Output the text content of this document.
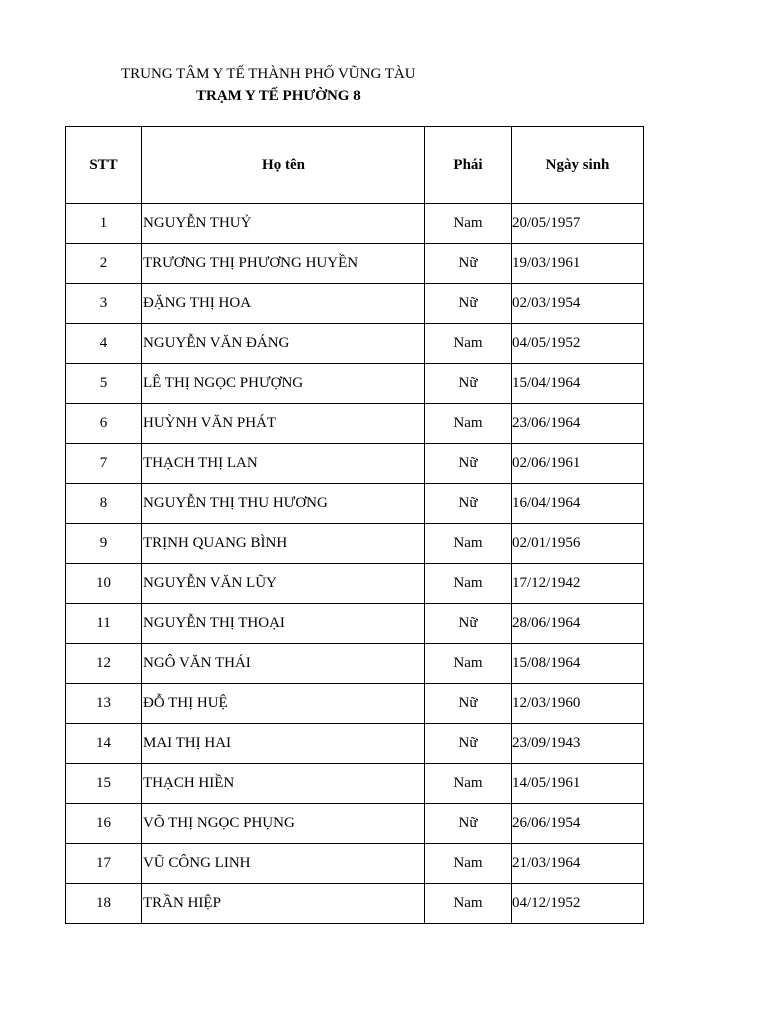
TRUNG TÂM Y TẾ THÀNH PHỐ VŨNG TÀU
TRẠM Y TẾ PHƯỜNG 8
STT	Họ tên	Phái	Ngày sinh
1	NGUYỄN THUỶ	Nam	20/05/1957
2	TRƯƠNG THỊ PHƯƠNG HUYỀN	Nữ	19/03/1961
3	ĐẶNG THỊ HOA	Nữ	02/03/1954
4	NGUYỄN VĂN ĐÁNG	Nam	04/05/1952
5	LÊ THỊ NGỌC PHƯỢNG	Nữ	15/04/1964
6	HUỲNH VĂN PHÁT	Nam	23/06/1964
7	THẠCH THỊ LAN	Nữ	02/06/1961
8	NGUYỄN THỊ THU HƯƠNG	Nữ	16/04/1964
9	TRỊNH QUANG BÌNH	Nam	02/01/1956
10	NGUYỄN VĂN LŨY	Nam	17/12/1942
11	NGUYỄN THỊ THOẠI	Nữ	28/06/1964
12	NGÔ VĂN THÁI	Nam	15/08/1964
13	ĐỖ THỊ HUỆ	Nữ	12/03/1960
14	MAI THỊ HAI	Nữ	23/09/1943
15	THẠCH HIỀN	Nam	14/05/1961
16	VÕ THỊ NGỌC PHỤNG	Nữ	26/06/1954
17	VŨ CÔNG LINH	Nam	21/03/1964
18	TRẦN HIỆP	Nam	04/12/1952
